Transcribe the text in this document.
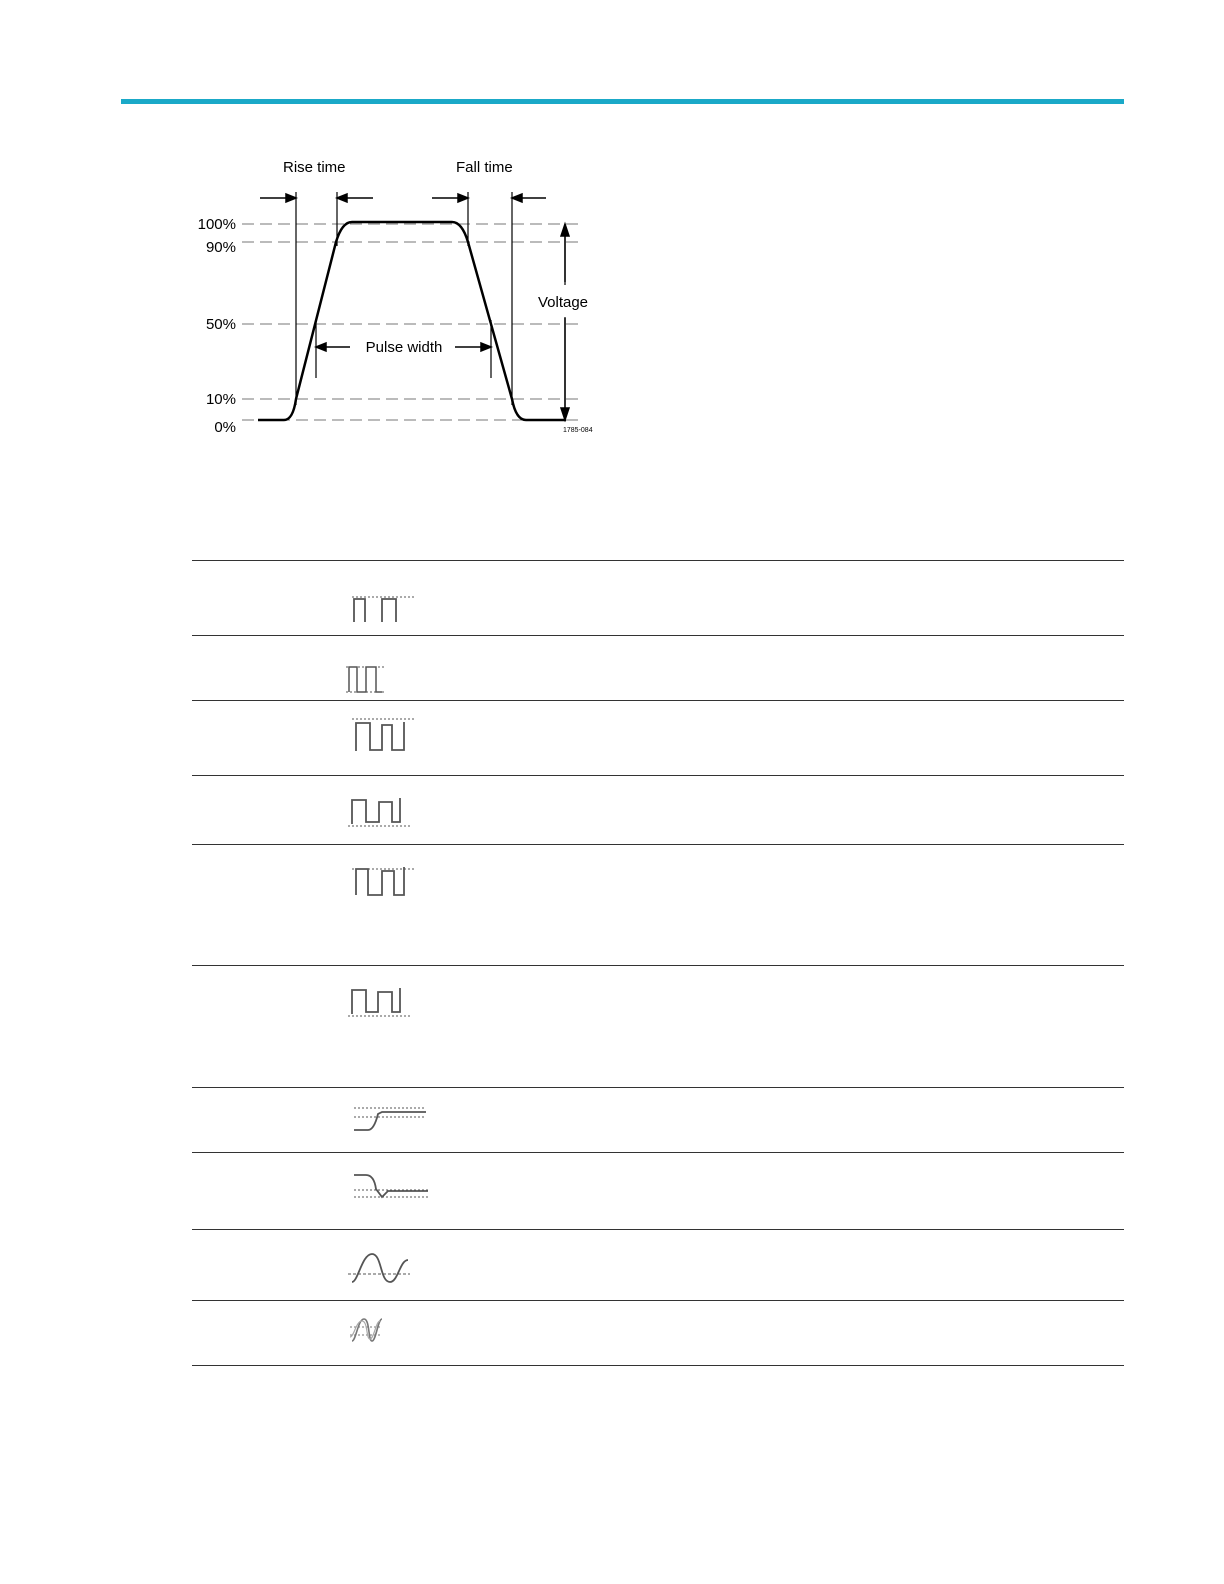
Rise time	Fall time
100%
90%
50%
10%
0%
Pulse width
Voltage
1785-084
